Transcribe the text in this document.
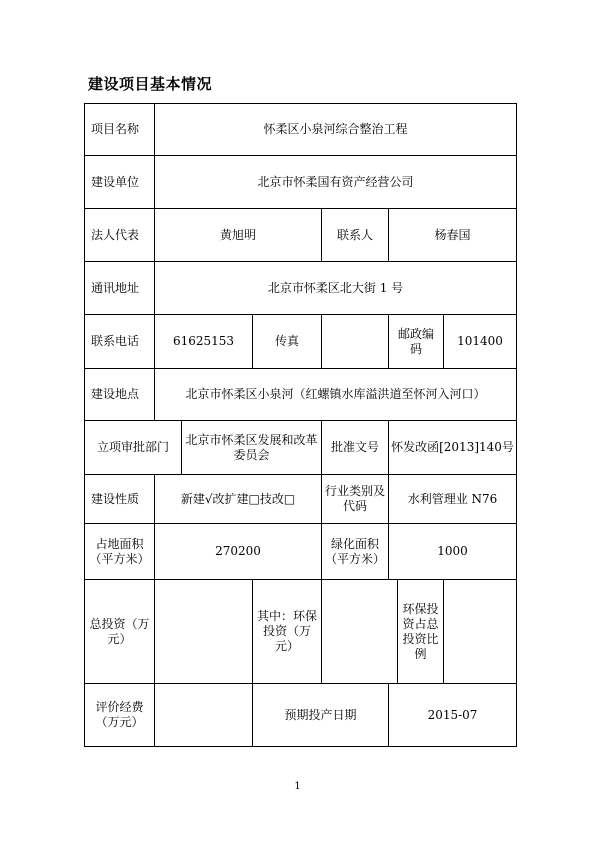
建设项目基本情况
项目名称	怀柔区小泉河综合整治工程						
建设单位	北京市怀柔国有资产经营公司						
法人代表	黄旭明			联系人	杨春国		
通讯地址	北京市怀柔区北大街 1 号						
联系电话	61625153		传真		邮政编码		101400
建设地点	北京市怀柔区小泉河（红螺镇水库溢洪道至怀河入河口）						
立项审批部门		北京市怀柔区发展和改革委员会		批准文号	怀发改函[2013]140号		
建设性质	新建√改扩建□技改□			行业类别及代码	水利管理业 N76		
占地面积（平方米）	270200			绿化面积（平方米）	1000		
总投资（万元）			其中：环保投资（万元）			环保投资占总投资比例	
评价经费（万元）			预期投产日期		2015-07		
1
